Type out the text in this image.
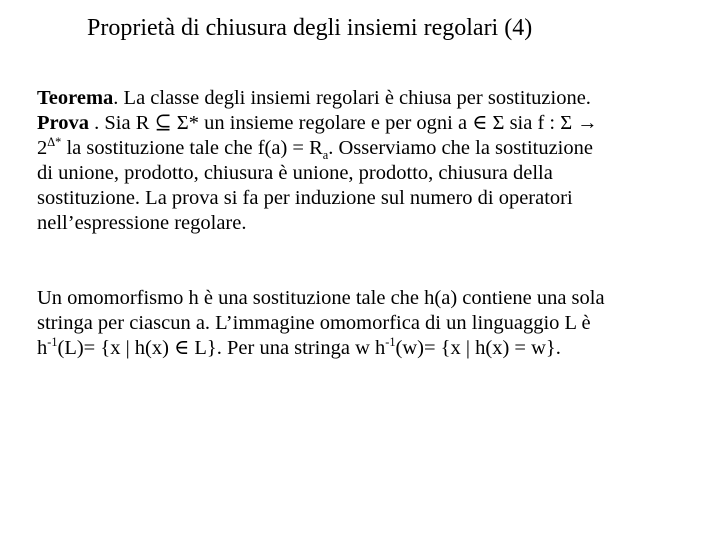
Proprietà di chiusura degli insiemi regolari (4)

Teorema. La classe degli insiemi regolari è chiusa per sostituzione.
Prova . Sia R ⊆ Σ* un insieme regolare e per ogni a ∈ Σ sia f : Σ →
$2^{\Delta*}$ la sostituzione tale che $f(a) = R_a$. Osserviamo che la sostituzione
di unione, prodotto, chiusura è unione, prodotto, chiusura della
sostituzione. La prova si fa per induzione sul numero di operatori
nell’espressione regolare.

Un omomorfismo h è una sostituzione tale che h(a) contiene una sola
stringa per ciascun a. L’immagine omomorfica di un linguaggio L è
$h^{-1}(L)= \{x$ | h(x) ∈ L}. Per una stringa w $h^{-1}(w)= \{x$ | h(x) = w}.
